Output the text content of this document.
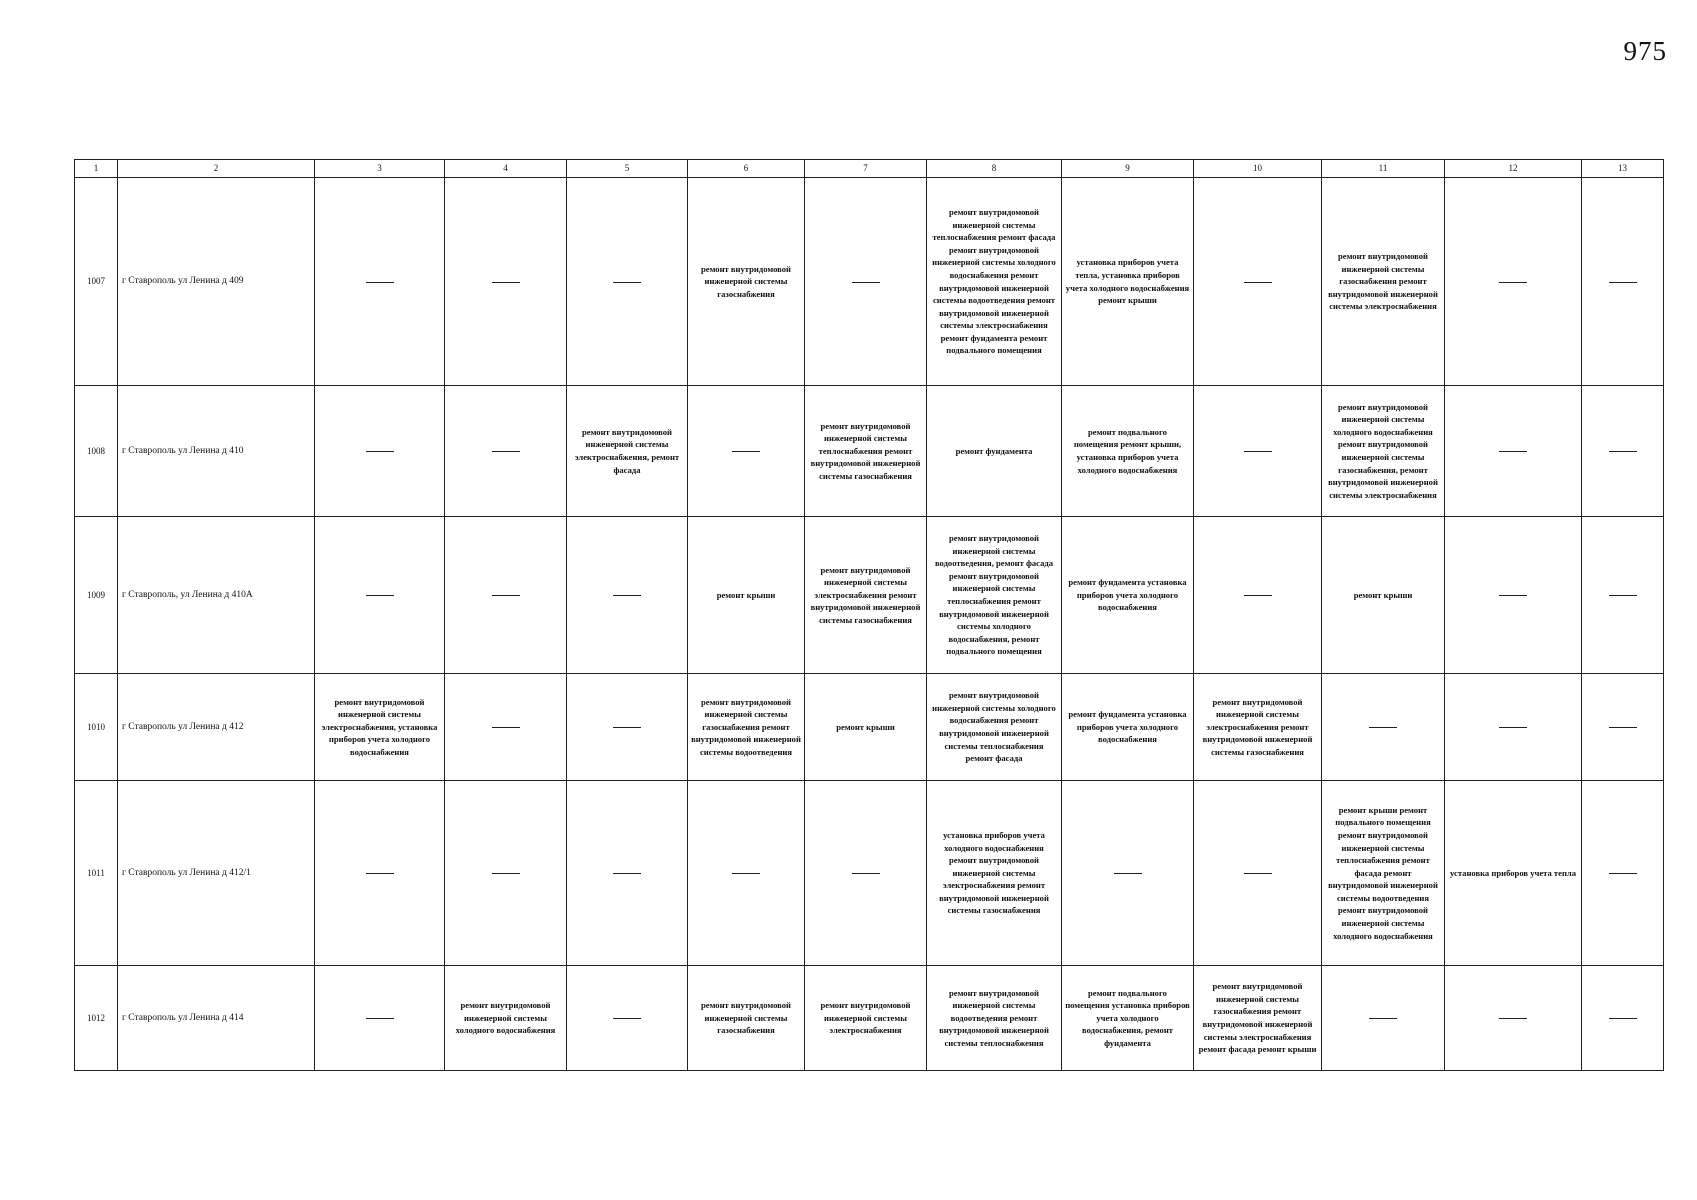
975
1	2	3	4	5	6	7	8	9	10	11	12	13
1007	г Ставрополь ул Ленина д 409				ремонт внутридомовой инженерной системы газоснабжения		ремонт внутридомовой инженерной системы теплоснабжения ремонт фасада ремонт внутридомовой инженерной системы холодного водоснабжения ремонт внутридомовой инженерной системы водоотведения ремонт внутридомовой инженерной системы электроснабжения ремонт фундамента ремонт подвального помещения	установка приборов учета тепла, установка приборов учета холодного водоснабжения ремонт крыши		ремонт внутридомовой инженерной системы газоснабжения ремонт внутридомовой инженерной системы электроснабжения		
1008	г Ставрополь ул Ленина д 410			ремонт внутридомовой инженерной системы электроснабжения, ремонт фасада		ремонт внутридомовой инженерной системы теплоснабжения ремонт внутридомовой инженерной системы газоснабжения	ремонт фундамента	ремонт подвального помещения ремонт крыши, установка приборов учета холодного водоснабжения		ремонт внутридомовой инженерной системы холодного водоснабжения ремонт внутридомовой инженерной системы газоснабжения, ремонт внутридомовой инженерной системы электроснабжения		
1009	г Ставрополь, ул Ленина д 410А				ремонт крыши	ремонт внутридомовой инженерной системы электроснабжения ремонт внутридомовой инженерной системы газоснабжения	ремонт внутридомовой инженерной системы водоотведения, ремонт фасада ремонт внутридомовой инженерной системы теплоснабжения ремонт внутридомовой инженерной системы холодного водоснабжения, ремонт подвального помещения	ремонт фундамента установка приборов учета холодного водоснабжения		ремонт крыши		
1010	г Ставрополь ул Ленина д 412	ремонт внутридомовой инженерной системы электроснабжения, установка приборов учета холодного водоснабжения			ремонт внутридомовой инженерной системы газоснабжения ремонт внутридомовой инженерной системы водоотведения	ремонт крыши	ремонт внутридомовой инженерной системы холодного водоснабжения ремонт внутридомовой инженерной системы теплоснабжения ремонт фасада	ремонт фундамента установка приборов учета холодного водоснабжения	ремонт внутридомовой инженерной системы электроснабжения ремонт внутридомовой инженерной системы газоснабжения			
1011	г Ставрополь ул Ленина д 412/1						установка приборов учета холодного водоснабжения ремонт внутридомовой инженерной системы электроснабжения ремонт внутридомовой инженерной системы газоснабжения			ремонт крыши ремонт подвального помещения ремонт внутридомовой инженерной системы теплоснабжения ремонт фасада ремонт внутридомовой инженерной системы водоотведения ремонт внутридомовой инженерной системы холодного водоснабжения	установка приборов учета тепла	
1012	г Ставрополь ул Ленина д 414		ремонт внутридомовой инженерной системы холодного водоснабжения		ремонт внутридомовой инженерной системы газоснабжения	ремонт внутридомовой инженерной системы электроснабжения	ремонт внутридомовой инженерной системы водоотведения ремонт внутридомовой инженерной системы теплоснабжения	ремонт подвального помещения установка приборов учета холодного водоснабжения, ремонт фундамента	ремонт внутридомовой инженерной системы газоснабжения ремонт внутридомовой инженерной системы электроснабжения ремонт фасада ремонт крыши			
